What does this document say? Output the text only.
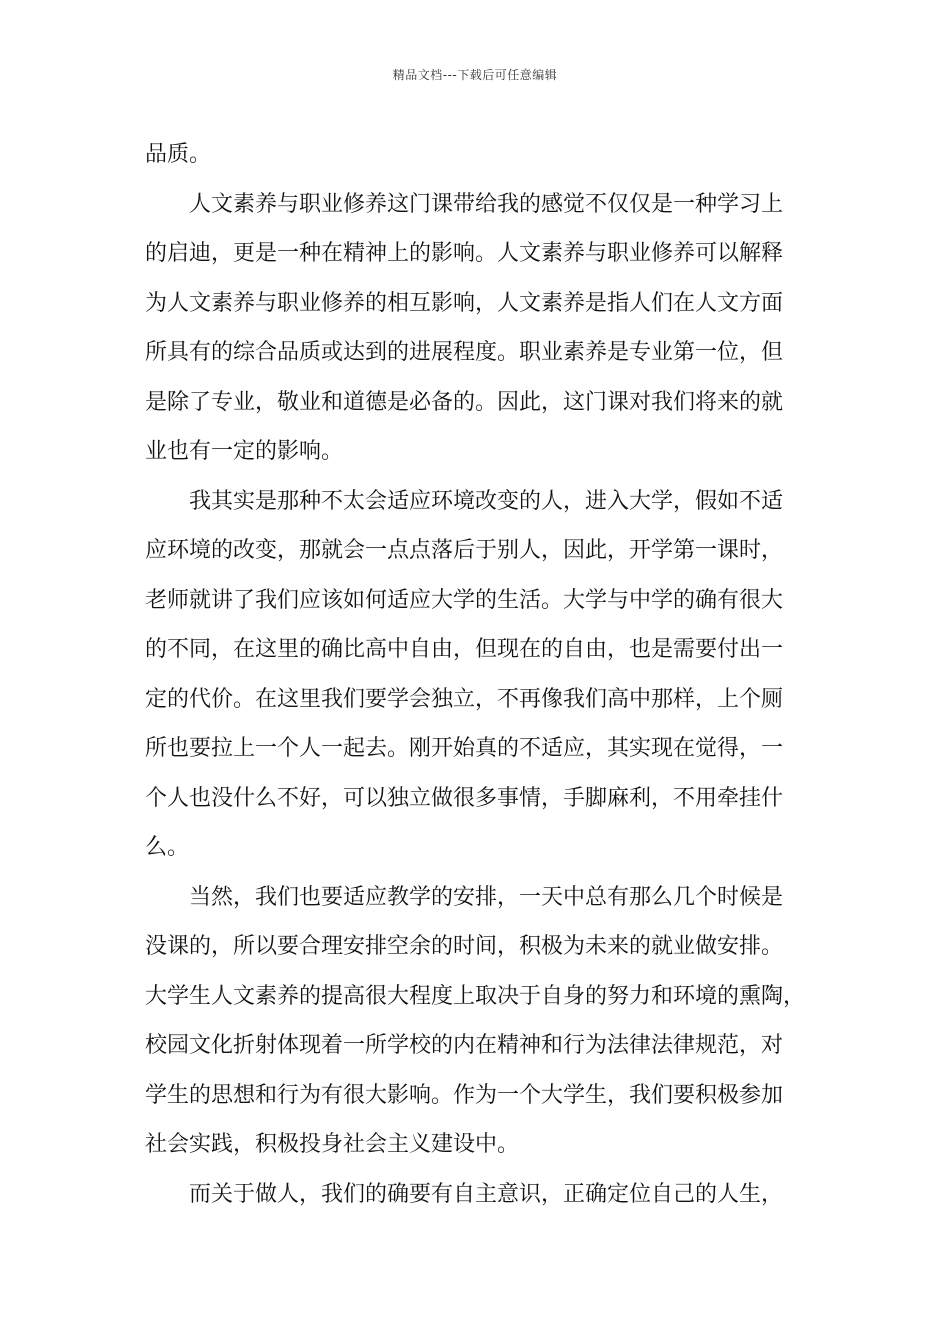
精品文档---下载后可任意编辑
品质。
人文素养与职业修养这门课带给我的感觉不仅仅是一种学习上
的启迪，更是一种在精神上的影响。人文素养与职业修养可以解释
为人文素养与职业修养的相互影响，人文素养是指人们在人文方面
所具有的综合品质或达到的进展程度。职业素养是专业第一位，但
是除了专业，敬业和道德是必备的。因此，这门课对我们将来的就
业也有一定的影响。
我其实是那种不太会适应环境改变的人，进入大学，假如不适
应环境的改变，那就会一点点落后于别人，因此，开学第一课时，
老师就讲了我们应该如何适应大学的生活。大学与中学的确有很大
的不同，在这里的确比高中自由，但现在的自由，也是需要付出一
定的代价。在这里我们要学会独立，不再像我们高中那样，上个厕
所也要拉上一个人一起去。刚开始真的不适应，其实现在觉得，一
个人也没什么不好，可以独立做很多事情，手脚麻利，不用牵挂什
么。
当然，我们也要适应教学的安排，一天中总有那么几个时候是
没课的，所以要合理安排空余的时间，积极为未来的就业做安排。
大学生人文素养的提高很大程度上取决于自身的努力和环境的熏陶，
校园文化折射体现着一所学校的内在精神和行为法律法律规范，对
学生的思想和行为有很大影响。作为一个大学生，我们要积极参加
社会实践，积极投身社会主义建设中。
而关于做人，我们的确要有自主意识，正确定位自己的人生，
